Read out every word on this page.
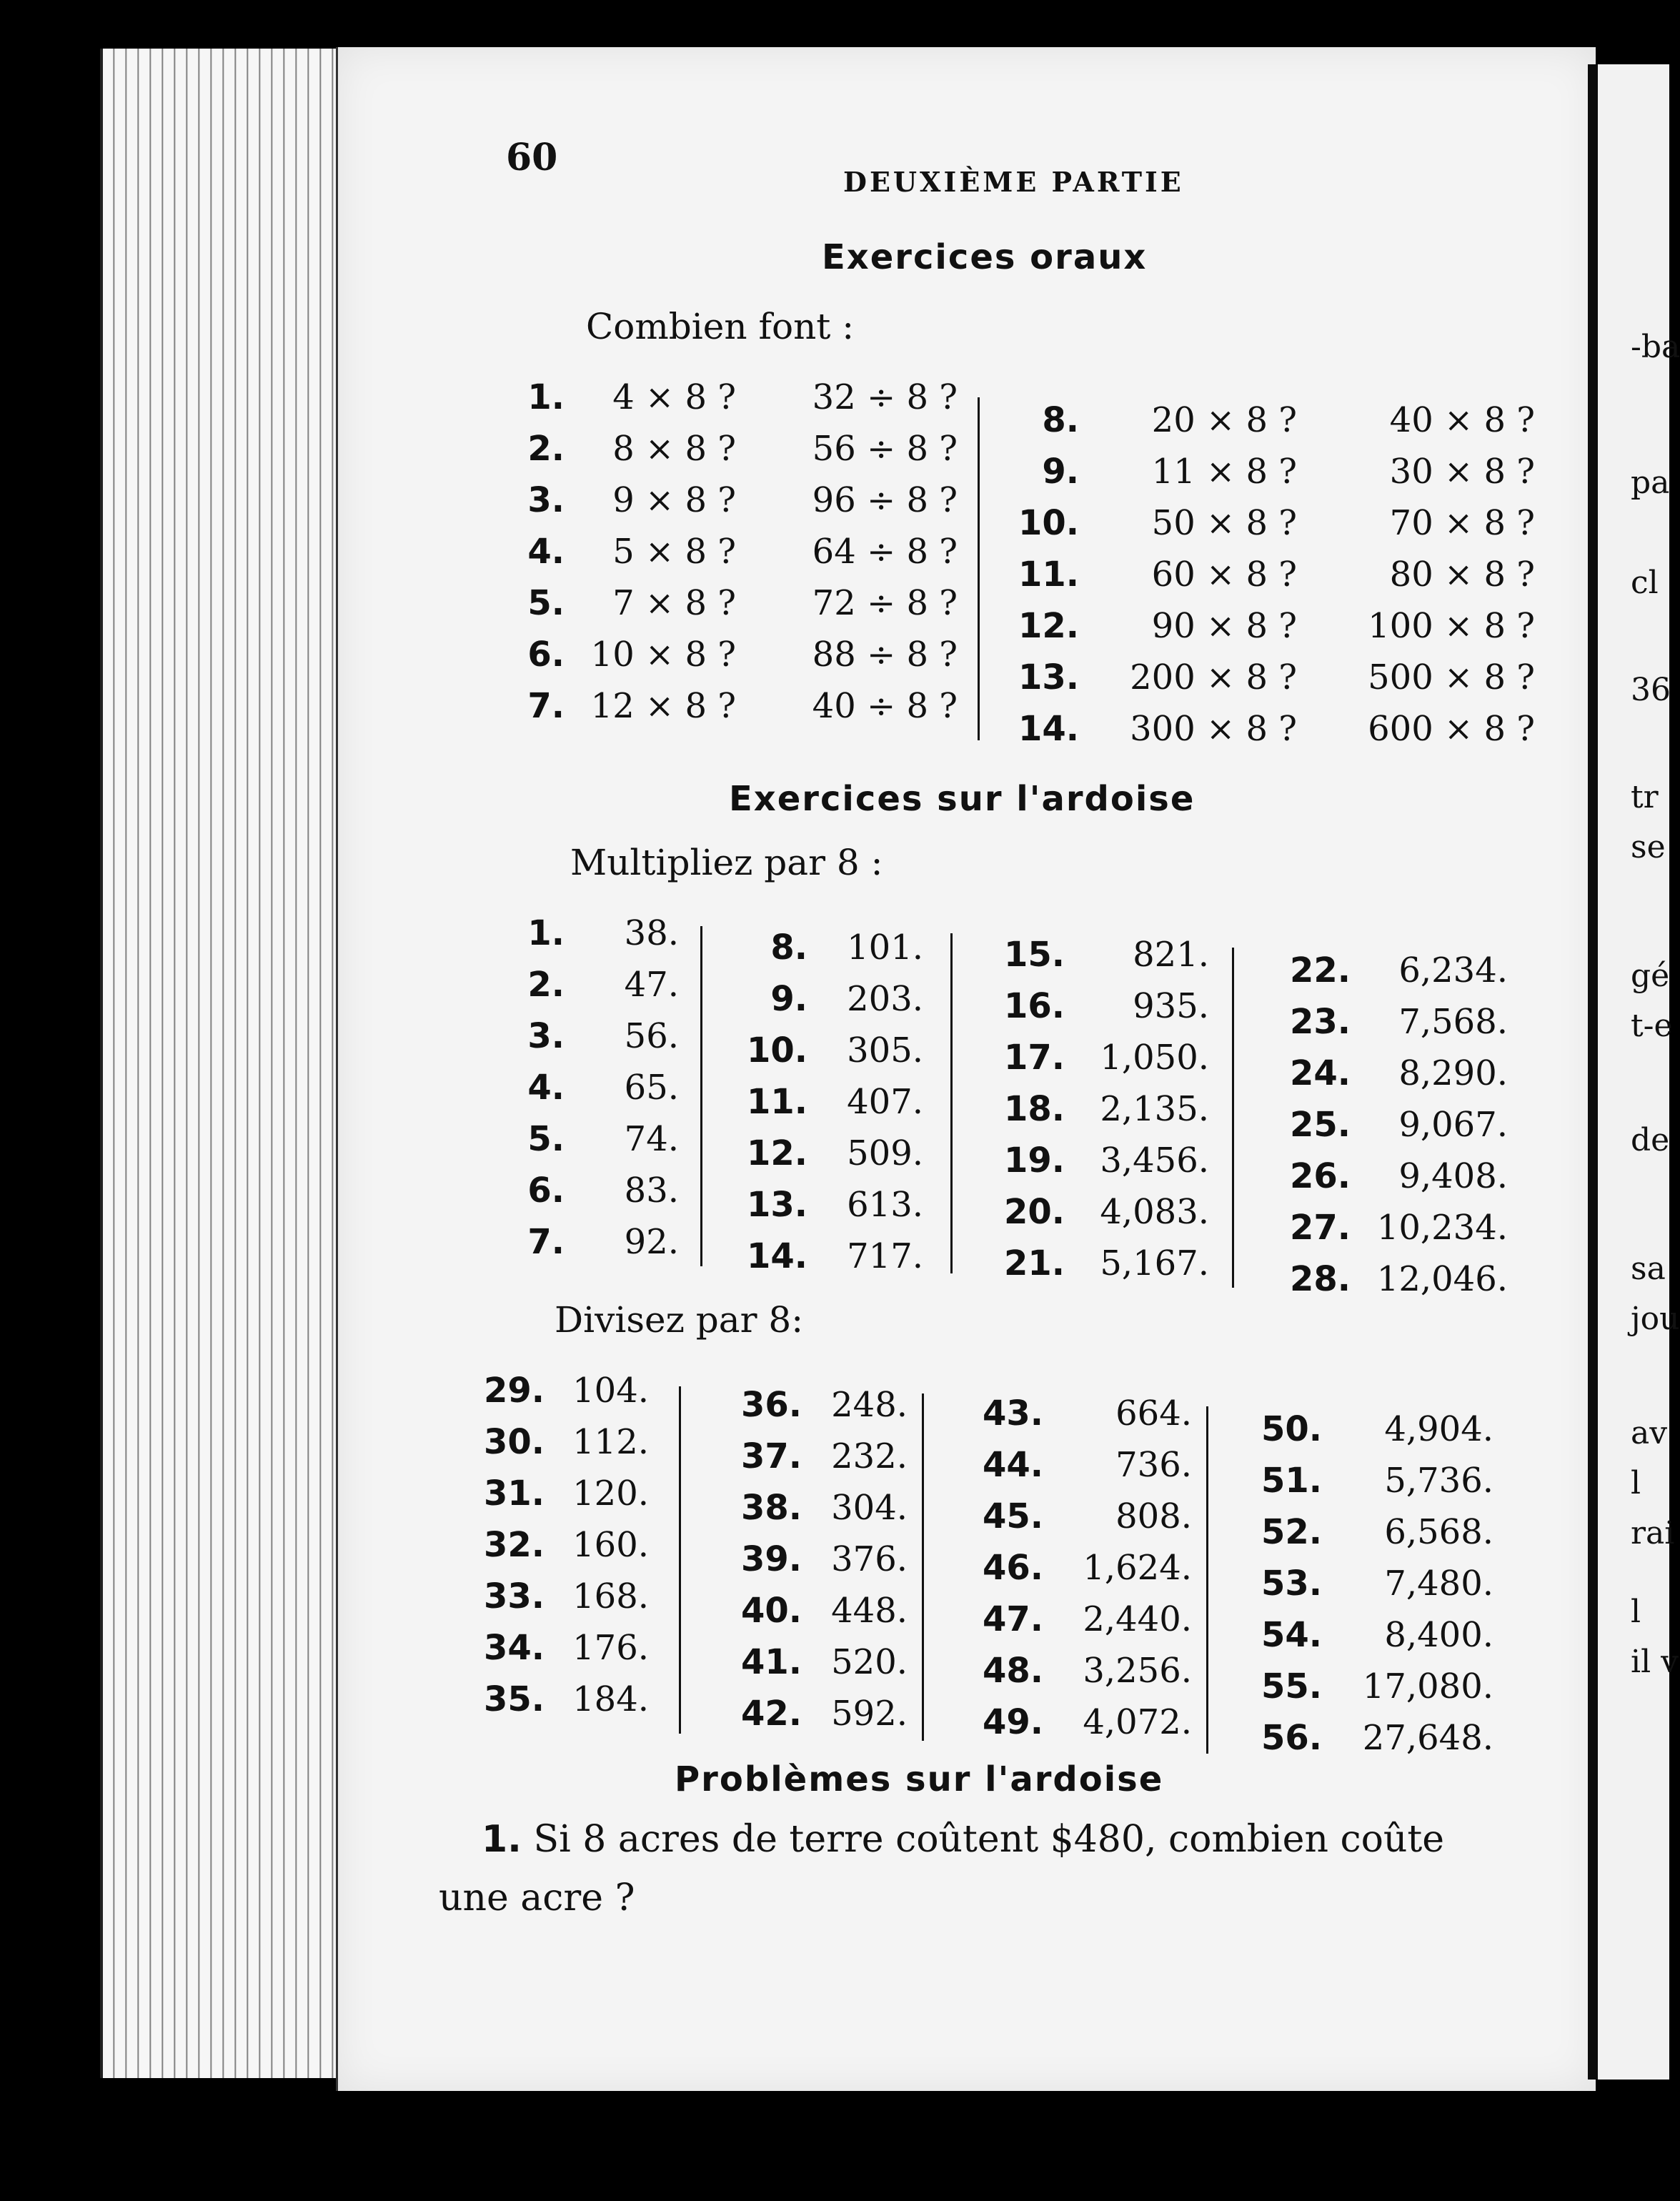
-ba
pa
cl
36
tr
se
gé
t-e
de
sa
jou
av
l
rai
l
il v
60
DEUXIÈME PARTIE
Exercices oraux
Combien font :
1. 4 × 8 ? 32 ÷ 8 ?
2. 8 × 8 ? 56 ÷ 8 ?
3. 9 × 8 ? 96 ÷ 8 ?
4. 5 × 8 ? 64 ÷ 8 ?
5. 7 × 8 ? 72 ÷ 8 ?
6. 10 × 8 ? 88 ÷ 8 ?
7. 12 × 8 ? 40 ÷ 8 ?
8. 20 × 8 ?	40 × 8 ?
9. 11 × 8 ?	30 × 8 ?
10. 50 × 8 ?	70 × 8 ?
11. 60 × 8 ?	80 × 8 ?
12. 90 × 8 ? 100 × 8 ?
13. 200 × 8 ? 500 × 8 ?
14. 300 × 8 ? 600 × 8 ?
Exercices sur l'ardoise
Multipliez par 8 :
1. 38.
2. 47.
3. 56.
4. 65.
5. 74.
6. 83.
7. 92.
8. 101.
9. 203.
10. 305.
11. 407.
12. 509.
13. 613.
14. 717.
15. 821.
16. 935.
17. 1,050.
18. 2,135.
19. 3,456.
20. 4,083.
21. 5,167.
22. 6,234.
23. 7,568.
24. 8,290.
25. 9,067.
26. 9,408.
27. 10,234.
28. 12,046.
Divisez par 8:
29. 104.
30. 112.
31. 120.
32. 160.
33. 168.
34. 176.
35. 184.
36. 248.
37. 232.
38. 304.
39. 376.
40. 448.
41. 520.
42. 592.
43. 664.
44. 736.
45. 808.
46. 1,624.
47. 2,440.
48. 3,256.
49. 4,072.
50. 4,904.
51. 5,736.
52. 6,568.
53. 7,480.
54. 8,400.
55. 17,080.
56. 27,648.
Problèmes sur l'ardoise
1. Si 8 acres de terre coûtent $480, combien coûte
une acre ?
